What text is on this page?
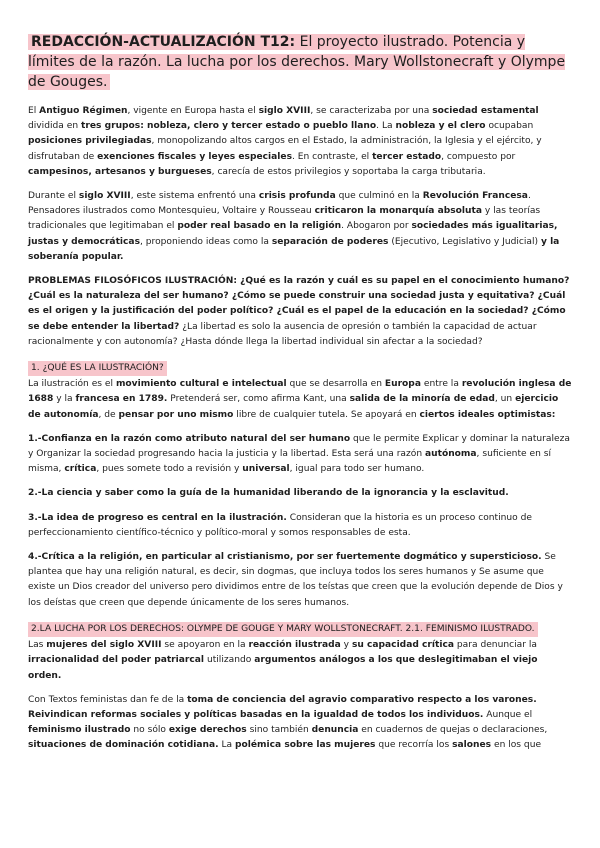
REDACCIÓN-ACTUALIZACIÓN T12: El proyecto ilustrado. Potencia y límites de la razón. La lucha por los derechos. Mary Wollstonecraft y Olympe de Gouges.

El Antiguo Régimen, vigente en Europa hasta el siglo XVIII, se caracterizaba por una sociedad estamental dividida en tres grupos: nobleza, clero y tercer estado o pueblo llano. La nobleza y el clero ocupaban posiciones privilegiadas, monopolizando altos cargos en el Estado, la administración, la Iglesia y el ejército, y disfrutaban de exenciones fiscales y leyes especiales. En contraste, el tercer estado, compuesto por campesinos, artesanos y burgueses, carecía de estos privilegios y soportaba la carga tributaria.

Durante el siglo XVIII, este sistema enfrentó una crisis profunda que culminó en la Revolución Francesa. Pensadores ilustrados como Montesquieu, Voltaire y Rousseau criticaron la monarquía absoluta y las teorías tradicionales que legitimaban el poder real basado en la religión. Abogaron por sociedades más igualitarias, justas y democráticas, proponiendo ideas como la separación de poderes (Ejecutivo, Legislativo y Judicial) y la soberanía popular.

PROBLEMAS FILOSÓFICOS ILUSTRACIÓN: ¿Qué es la razón y cuál es su papel en el conocimiento humano? ¿Cuál es la naturaleza del ser humano? ¿Cómo se puede construir una sociedad justa y equitativa? ¿Cuál es el origen y la justificación del poder político? ¿Cuál es el papel de la educación en la sociedad? ¿Cómo se debe entender la libertad? ¿La libertad es solo la ausencia de opresión o también la capacidad de actuar racionalmente y con autonomía? ¿Hasta dónde llega la libertad individual sin afectar a la sociedad?

1. ¿QUÉ ES LA ILUSTRACIÓN?

La ilustración es el movimiento cultural e intelectual que se desarrolla en Europa entre la revolución inglesa de 1688 y la francesa en 1789. Pretenderá ser, como afirma Kant, una salida de la minoría de edad, un ejercicio de autonomía, de pensar por uno mismo libre de cualquier tutela. Se apoyará en ciertos ideales optimistas:

1.-Confianza en la razón como atributo natural del ser humano que le permite Explicar y dominar la naturaleza y Organizar la sociedad progresando hacia la justicia y la libertad. Esta será una razón autónoma, suficiente en sí misma, crítica, pues somete todo a revisión y universal, igual para todo ser humano.

2.-La ciencia y saber como la guía de la humanidad liberando de la ignorancia y la esclavitud.

3.-La idea de progreso es central en la ilustración. Consideran que la historia es un proceso continuo de perfeccionamiento científico-técnico y político-moral y somos responsables de esta.

4.-Crítica a la religión, en particular al cristianismo, por ser fuertemente dogmático y supersticioso. Se plantea que hay una religión natural, es decir, sin dogmas, que incluya todos los seres humanos y Se asume que existe un Dios creador del universo pero dividimos entre de los teístas que creen que la evolución depende de Dios y los deístas que creen que depende únicamente de los seres humanos.

2.LA LUCHA POR LOS DERECHOS: OLYMPE DE GOUGE Y MARY WOLLSTONECRAFT. 2.1. FEMINISMO ILUSTRADO.

Las mujeres del siglo XVIII se apoyaron en la reacción ilustrada y su capacidad crítica para denunciar la irracionalidad del poder patriarcal utilizando argumentos análogos a los que deslegitimaban el viejo orden.

Con Textos feministas dan fe de la toma de conciencia del agravio comparativo respecto a los varones. Reivindican reformas sociales y políticas basadas en la igualdad de todos los individuos. Aunque el feminismo ilustrado no sólo exige derechos sino también denuncia en cuadernos de quejas o declaraciones, situaciones de dominación cotidiana. La polémica sobre las mujeres que recorría los salones en los que
